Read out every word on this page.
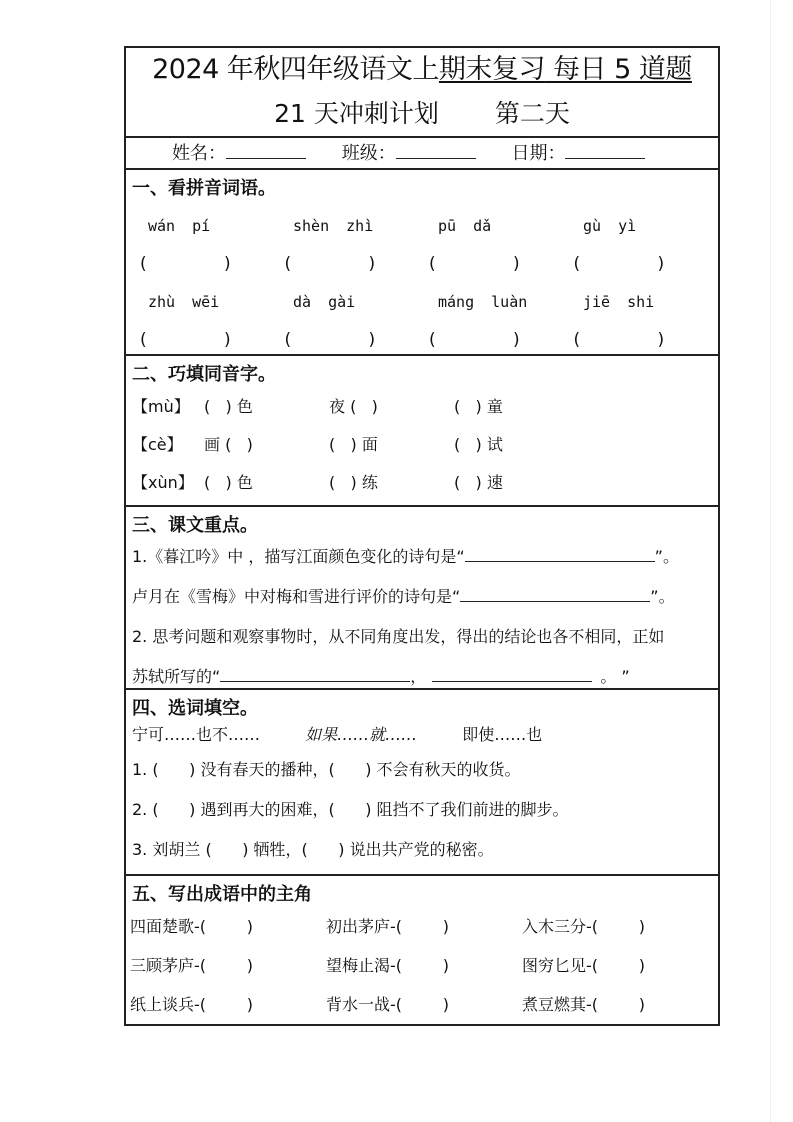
2024 年秋四年级语文上期末复习 每日 5 道题
21 天冲刺计划 第二天
姓名：	班级：	日期：
一、看拼音词语。
wán pí	shèn zhì	pū dǎ	gù yì
(	)	(	)	(	)	(	)
zhù wēi	dà gài	máng luàn	jiē shi
(	)	(	)	(	)	(	)
二、巧填同音字。
【mù】 (   ) 色	夜 (   )	(   ) 童
【cè】	画 (   )	(   ) 面	(   ) 试
【xùn】 (   ) 色	(   ) 练	(   ) 速
三、课文重点。
1.《暮江吟》中 ，描写江面颜色变化的诗句是“	”。
卢月在《雪梅》中对梅和雪进行评价的诗句是“	”。
2. 思考问题和观察事物时，从不同角度出发，得出的结论也各不相同，正如
苏轼所写的“	，	。 ”
四、选词填空。
宁可……也不……	如果……就……	即使……也
1. (      ) 没有春天的播种，(      ) 不会有秋天的收货。
2. (      ) 遇到再大的困难，(      ) 阻挡不了我们前进的脚步。
3. 刘胡兰 (      ) 牺牲，(      ) 说出共产党的秘密。
五、写出成语中的主角
四面楚歌-(        )	初出茅庐-(        )	入木三分-(        )
三顾茅庐-(        )	望梅止渴-(        )	图穷匕见-(        )
纸上谈兵-(        )	背水一战-(        )	煮豆燃萁-(        )
